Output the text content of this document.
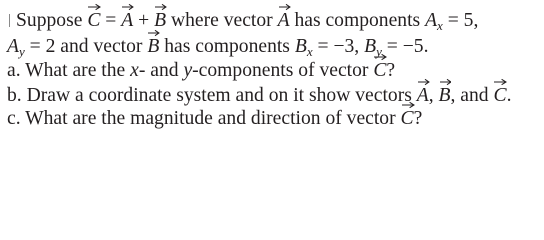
Suppose C
= A
+ B
where vector A
has components $A_x = 5$,
$A_y = 2$ and vector B
has components $B_x = -3$, $B_y = -5$.
a. What are the x- and y-components of vector C
?
b. Draw a coordinate system and on it show vectors A
, B
, and C
.
c. What are the magnitude and direction of vector C
?
